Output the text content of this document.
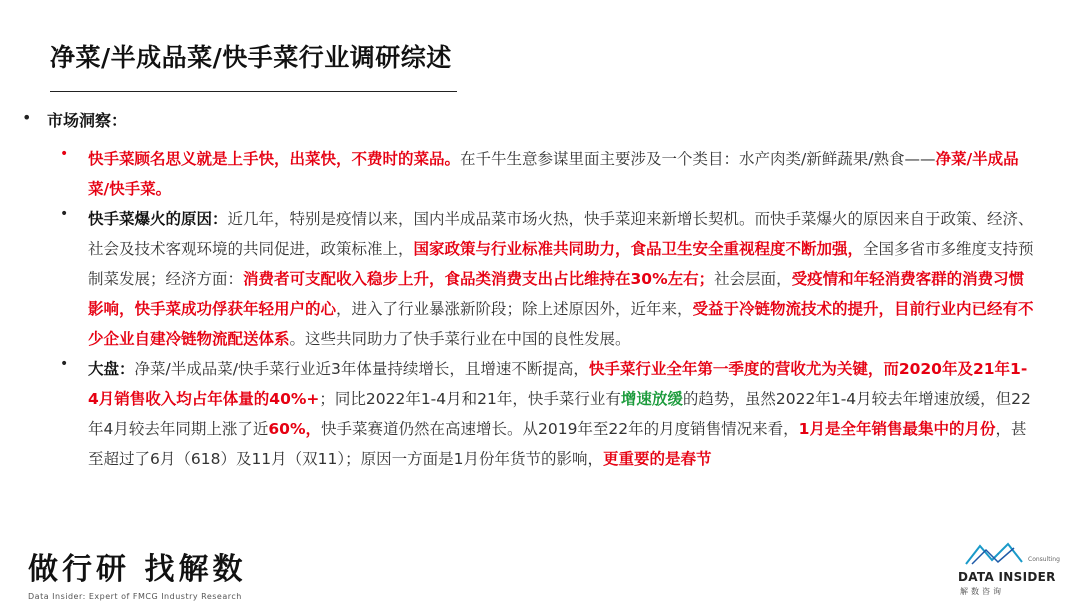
净菜/半成品菜/快手菜行业调研综述
• 市场洞察：
• 快手菜顾名思义就是上手快，出菜快，不费时的菜品。在千牛生意参谋里面主要涉及一个类目：水产肉类/新鲜蔬果/熟食——净菜/半成品菜/快手菜。
• 快手菜爆火的原因：近几年，特别是疫情以来，国内半成品菜市场火热，快手菜迎来新增长契机。而快手菜爆火的原因来自于政策、经济、社会及技术客观环境的共同促进，政策标准上，国家政策与行业标准共同助力，食品卫生安全重视程度不断加强，全国多省市多维度支持预制菜发展；经济方面：消费者可支配收入稳步上升，食品类消费支出占比维持在30%左右；社会层面，受疫情和年轻消费客群的消费习惯影响，快手菜成功俘获年轻用户的心，进入了行业暴涨新阶段；除上述原因外，近年来，受益于冷链物流技术的提升，目前行业内已经有不少企业自建冷链物流配送体系。这些共同助力了快手菜行业在中国的良性发展。
• 大盘：净菜/半成品菜/快手菜行业近3年体量持续增长，且增速不断提高，快手菜行业全年第一季度的营收尤为关键，而2020年及21年1-4月销售收入均占年体量的40%+；同比2022年1-4月和21年，快手菜行业有增速放缓的趋势，虽然2022年1-4月较去年增速放缓，但22年4月较去年同期上涨了近60%，快手菜赛道仍然在高速增长。从2019年至22年的月度销售情况来看，1月是全年销售最集中的月份，甚至超过了6月（618）及11月（双11）；原因一方面是1月份年货节的影响，更重要的是春节
做行研 找解数
Data Insider: Expert of FMCG Industry Research
Consulting
DATA INSIDER
解数咨询
